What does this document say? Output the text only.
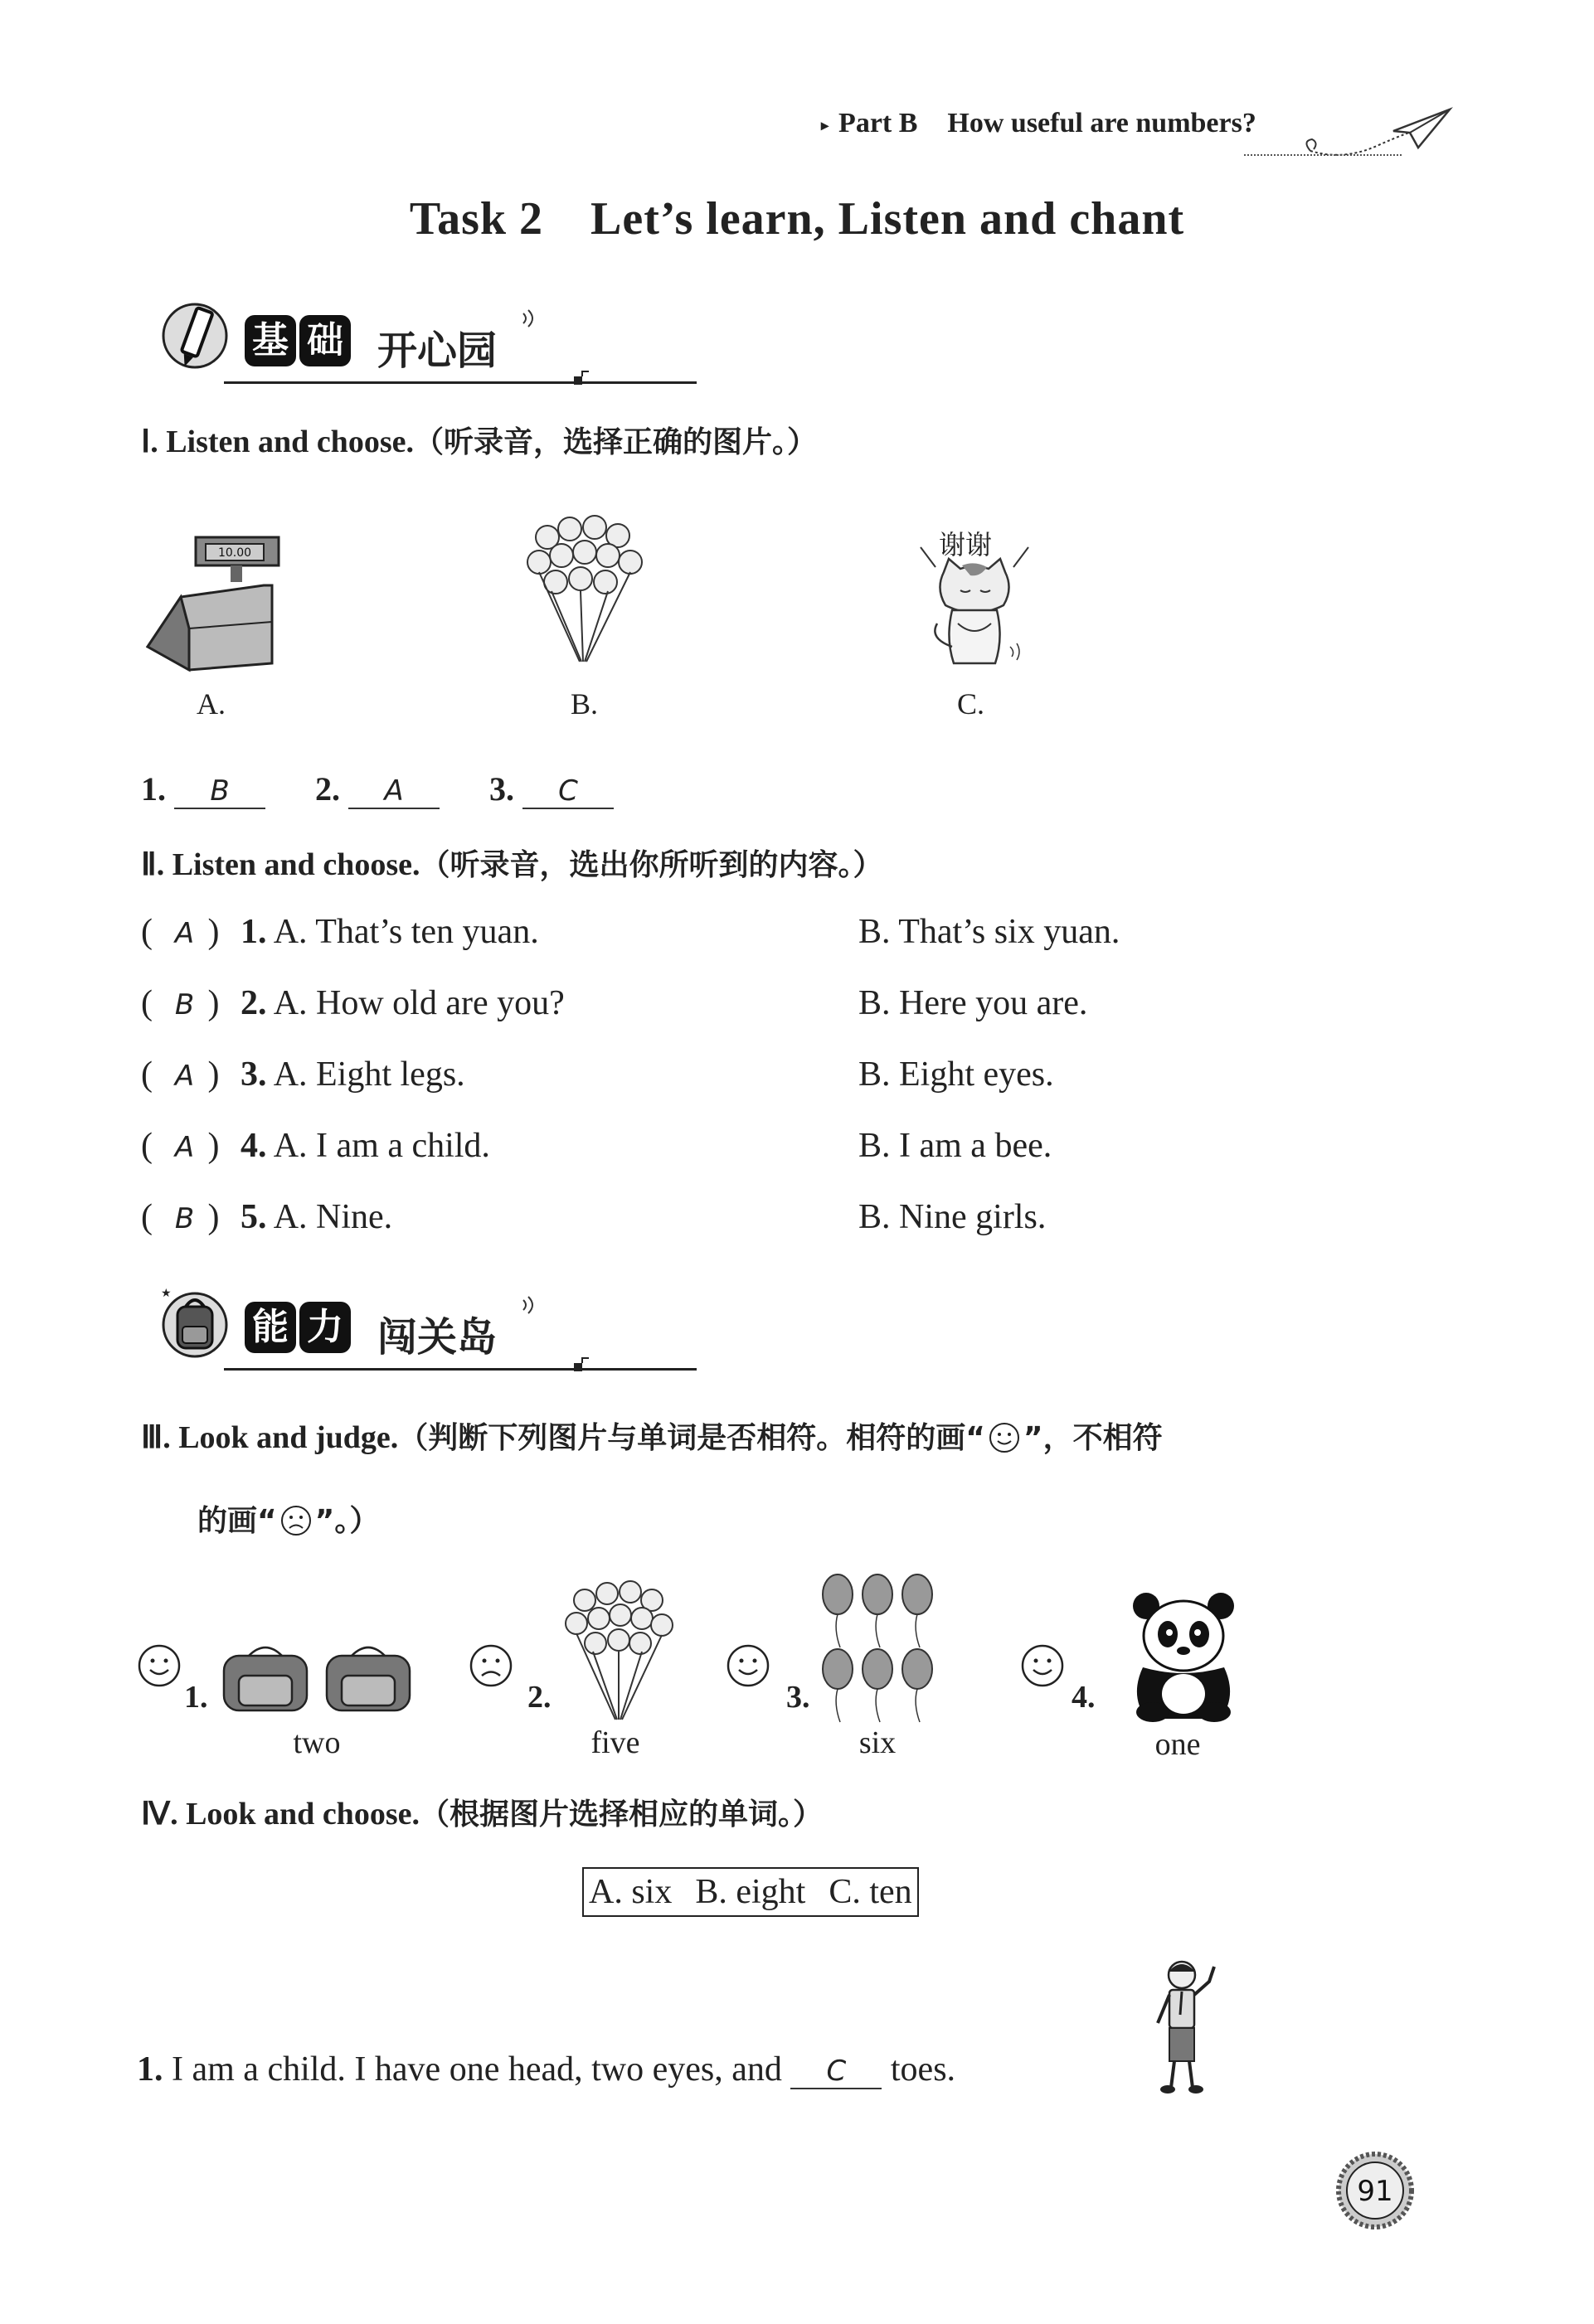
▸ Part B How useful are numbers?
Task 2 Let’s learn, Listen and chant
基 础 开心园
Ⅰ. Listen and choose.（听录音，选择正确的图片。）
10.00
A.	B.
谢谢
C.
1. B	2. A	3. C
Ⅱ. Listen and choose.（听录音，选出你所听到的内容。）
( A ) 1. A. That’s ten yuan.	B. That’s six yuan.
( B ) 2. A. How old are you?	B. Here you are.
( A ) 3. A. Eight legs.	B. Eight eyes.
( A ) 4. A. I am a child.	B. I am a bee.
( B ) 5. A. Nine.	B. Nine girls.
★
能 力 闯关岛
Ⅲ. Look and judge.（判断下列图片与单词是否相符。相符的画“ ”，不相符
的画“ ”。）
1.
two
2.
five
3.
six
4.
one
Ⅳ. Look and choose.（根据图片选择相应的单词。）
A. six B. eight C. ten
1. I am a child. I have one head, two eyes, and C toes.
91
